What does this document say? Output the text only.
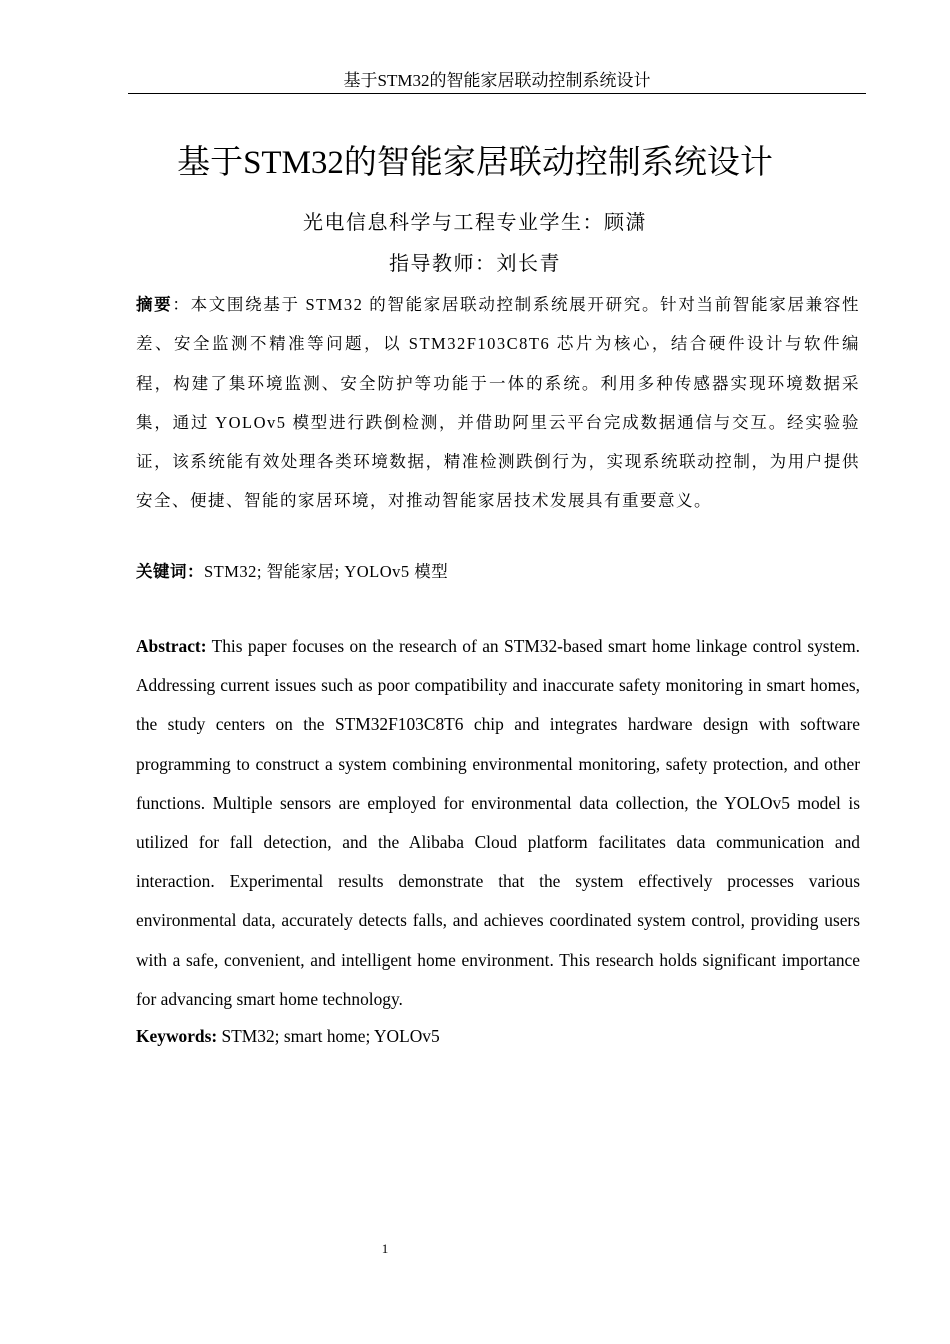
基于STM32的智能家居联动控制系统设计
基于STM32的智能家居联动控制系统设计
光电信息科学与工程专业学生：顾潇
指导教师：刘长青
摘要：本文围绕基于 STM32 的智能家居联动控制系统展开研究。针对当前智能家居兼容性差、安全监测不精准等问题，以 STM32F103C8T6 芯片为核心，结合硬件设计与软件编程，构建了集环境监测、安全防护等功能于一体的系统。利用多种传感器实现环境数据采集，通过 YOLOv5 模型进行跌倒检测，并借助阿里云平台完成数据通信与交互。经实验验证，该系统能有效处理各类环境数据，精准检测跌倒行为，实现系统联动控制，为用户提供安全、便捷、智能的家居环境，对推动智能家居技术发展具有重要意义。
关键词：STM32; 智能家居; YOLOv5 模型
Abstract: This paper focuses on the research of an STM32-based smart home linkage control system. Addressing current issues such as poor compatibility and inaccurate safety monitoring in smart homes, the study centers on the STM32F103C8T6 chip and integrates hardware design with software programming to construct a system combining environmental monitoring, safety protection, and other functions. Multiple sensors are employed for environmental data collection, the YOLOv5 model is utilized for fall detection, and the Alibaba Cloud platform facilitates data communication and interaction. Experimental results demonstrate that the system effectively processes various environmental data, accurately detects falls, and achieves coordinated system control, providing users with a safe, convenient, and intelligent home environment. This research holds significant importance for advancing smart home technology.
Keywords: STM32; smart home; YOLOv5
1
